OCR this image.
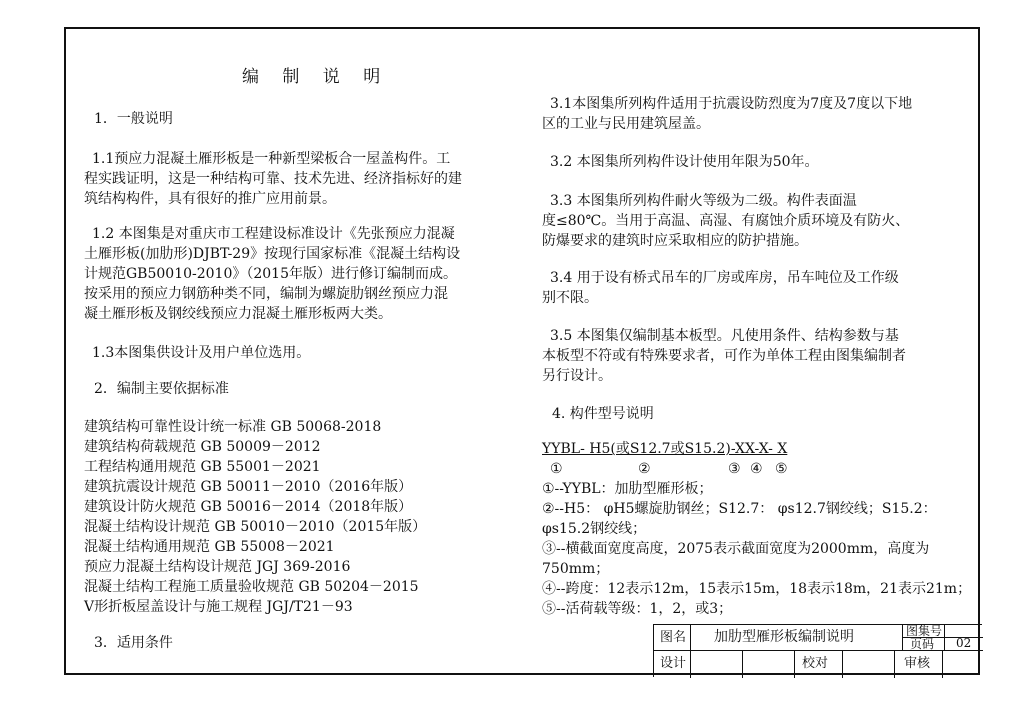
编 制 说 明
1．一般说明
1.1预应力混凝土雁形板是一种新型梁板合一屋盖构件。工
程实践证明，这是一种结构可靠、技术先进、经济指标好的建
筑结构构件，具有很好的推广应用前景。
1.2 本图集是对重庆市工程建设标准设计《先张预应力混凝
土雁形板(加肋形)DJBT-29》按现行国家标准《混凝土结构设
计规范GB50010-2010》（2015年版）进行修订编制而成。
按采用的预应力钢筋种类不同，编制为螺旋肋钢丝预应力混
凝土雁形板及钢绞线预应力混凝土雁形板两大类。
1.3本图集供设计及用户单位选用。
2．编制主要依据标准
建筑结构可靠性设计统一标准 GB 50068-2018
建筑结构荷载规范 GB 50009－2012
工程结构通用规范 GB 55001－2021
建筑抗震设计规范 GB 50011－2010（2016年版）
建筑设计防火规范 GB 50016－2014（2018年版）
混凝土结构设计规范 GB 50010－2010（2015年版）
混凝土结构通用规范 GB 55008－2021
预应力混凝土结构设计规范 JGJ 369-2016
混凝土结构工程施工质量验收规范 GB 50204－2015
V形折板屋盖设计与施工规程 JGJ/T21－93
3．适用条件
3.1本图集所列构件适用于抗震设防烈度为7度及7度以下地
区的工业与民用建筑屋盖。
3.2 本图集所列构件设计使用年限为50年。
3.3 本图集所列构件耐火等级为二级。构件表面温
度≤80℃。当用于高温、高湿、有腐蚀介质环境及有防火、
防爆要求的建筑时应采取相应的防护措施。
3.4 用于设有桥式吊车的厂房或库房，吊车吨位及工作级
别不限。
3.5 本图集仅编制基本板型。凡使用条件、结构参数与基
本板型不符或有特殊要求者，可作为单体工程由图集编制者
另行设计。
4. 构件型号说明
YYBL- H5(或S12.7或S15.2)-XX-X- X
①	②	③ ④ ⑤
①--YYBL：加肋型雁形板；
②--H5： φH5螺旋肋钢丝；S12.7： φs12.7钢绞线；S15.2：
φs15.2钢绞线；
③--横截面宽度高度，2075表示截面宽度为2000mm，高度为
750mm；
④--跨度：12表示12m，15表示15m，18表示18m，21表示21m；
⑤--活荷载等级：1，2，或3；
图名 加肋型雁形板编制说明	图集号
页码 02
设计	校对	审核
